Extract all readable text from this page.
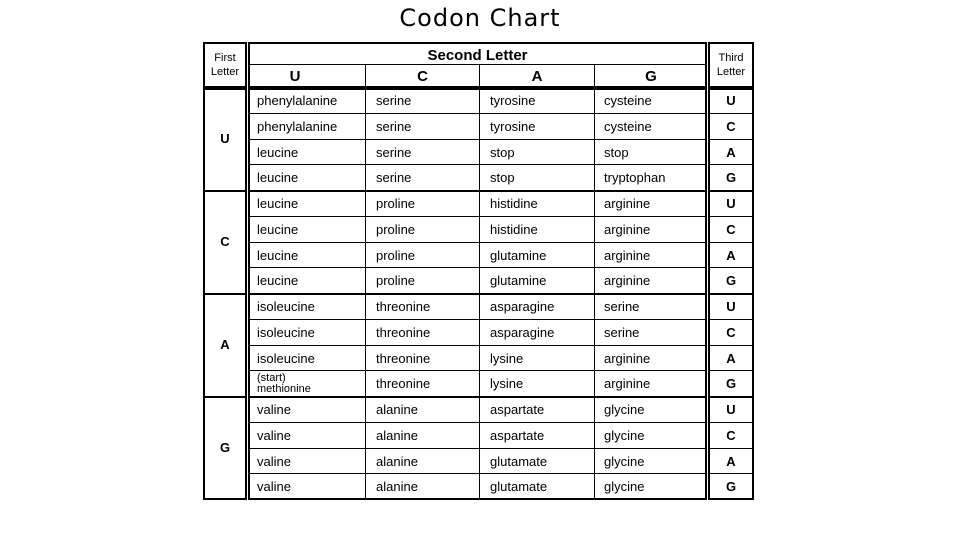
Codon Chart
First Letter
Second Letter	Third Letter
U	C	A	G
U
phenylalanine	serine	tyrosine	cysteine	U
phenylalanine	serine	tyrosine	cysteine	C
leucine	serine	stop	stop	A
leucine	serine	stop	tryptophan	G
C
leucine	proline	histidine	arginine	U
leucine	proline	histidine	arginine	C
leucine	proline	glutamine	arginine	A
leucine	proline	glutamine	arginine	G
A
isoleucine	threonine	asparagine	serine	U
isoleucine	threonine	asparagine	serine	C
isoleucine	threonine	lysine	arginine	A
(start) methionine	threonine	lysine	arginine	G
G
valine	alanine	aspartate	glycine	U
valine	alanine	aspartate	glycine	C
valine	alanine	glutamate	glycine	A
valine	alanine	glutamate	glycine	G
